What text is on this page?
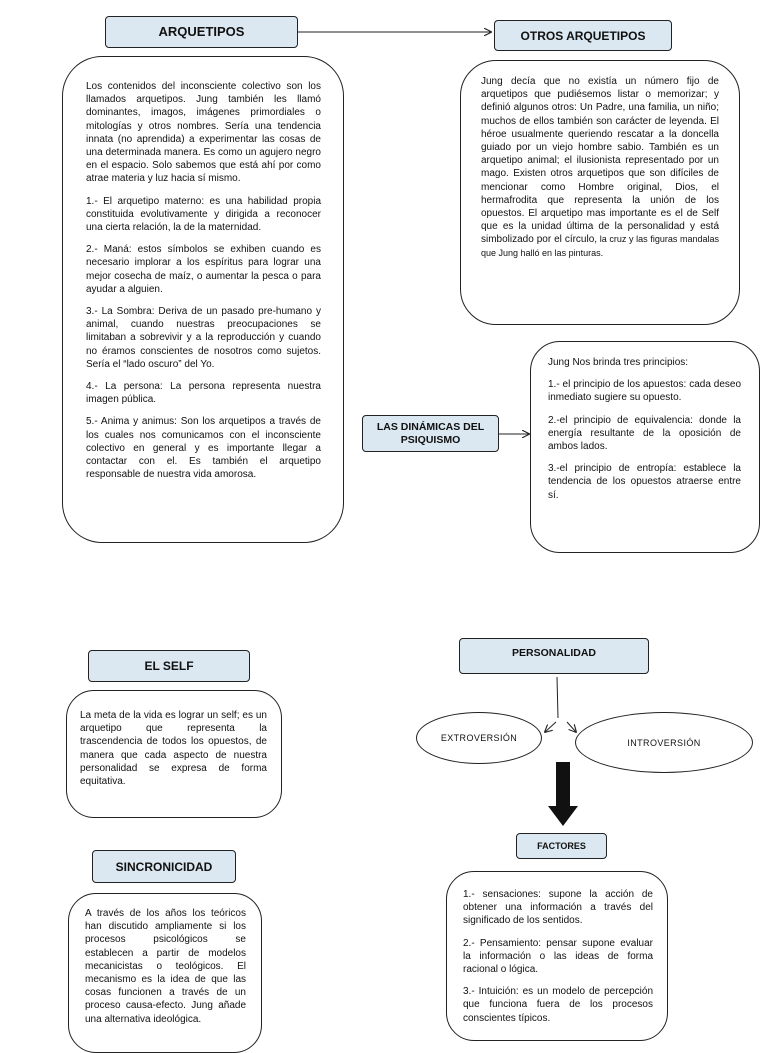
ARQUETIPOS

Los contenidos del inconsciente colectivo son los llamados arquetipos. Jung también les llamó dominantes, imagos, imágenes primordiales o mitologías y otros nombres. Sería una tendencia innata (no aprendida) a experimentar las cosas de una determinada manera. Es como un agujero negro en el espacio. Solo sabemos que está ahí por como atrae materia y luz hacia sí mismo.

1.- El arquetipo materno: es una habilidad propia constituida evolutivamente y dirigida a reconocer una cierta relación, la de la maternidad.

2.- Maná: estos símbolos se exhiben cuando es necesario implorar a los espíritus para lograr una mejor cosecha de maíz, o aumentar la pesca o para ayudar a alguien.

3.- La Sombra: Deriva de un pasado pre-humano y animal, cuando nuestras preocupaciones se limitaban a sobrevivir y a la reproducción y cuando no éramos conscientes de nosotros como sujetos. Sería el “lado oscuro” del Yo.

4.- La persona: La persona representa nuestra imagen pública.

5.- Anima y animus: Son los arquetipos a través de los cuales nos comunicamos con el inconsciente colectivo en general y es importante llegar a contactar con el. Es también el arquetipo responsable de nuestra vida amorosa.

OTROS ARQUETIPOS

Jung decía que no existía un número fijo de arquetipos que pudiésemos listar o memorizar; y definió algunos otros: Un Padre, una familia, un niño; muchos de ellos también son carácter de leyenda. El héroe usualmente queriendo rescatar a la doncella guiado por un viejo hombre sabio. También es un arquetipo animal; el ilusionista representado por un mago. Existen otros arquetipos que son difíciles de mencionar como Hombre original, Dios, el hermafrodita que representa la unión de los opuestos. El arquetipo mas importante es el de Self que es la unidad última de la personalidad y está simbolizado por el círculo, la cruz y las figuras mandalas que Jung halló en las pinturas.

LAS DINÁMICAS DEL PSIQUISMO

Jung Nos brinda tres principios:

1.- el principio de los apuestos: cada deseo inmediato sugiere su opuesto.

2.-el principio de equivalencia: donde la energía resultante de la oposición de ambos lados.

3.-el principio de entropía: establece la tendencia de los opuestos atraerse entre sí.

EL SELF

La meta de la vida es lograr un self; es un arquetipo que representa la trascendencia de todos los opuestos, de manera que cada aspecto de nuestra personalidad se expresa de forma equitativa.

SINCRONICIDAD

A través de los años los teóricos han discutido ampliamente si los procesos psicológicos se establecen a partir de modelos mecanicistas o teológicos. El mecanismo es la idea de que las cosas funcionen a través de un proceso causa-efecto. Jung añade una alternativa ideológica.

PERSONALIDAD
EXTROVERSIÓN	INTROVERSIÓN
FACTORES

1.- sensaciones: supone la acción de obtener una información a través del significado de los sentidos.

2.- Pensamiento: pensar supone evaluar la información o las ideas de forma racional o lógica.

3.- Intuición: es un modelo de percepción que funciona fuera de los procesos conscientes típicos.
